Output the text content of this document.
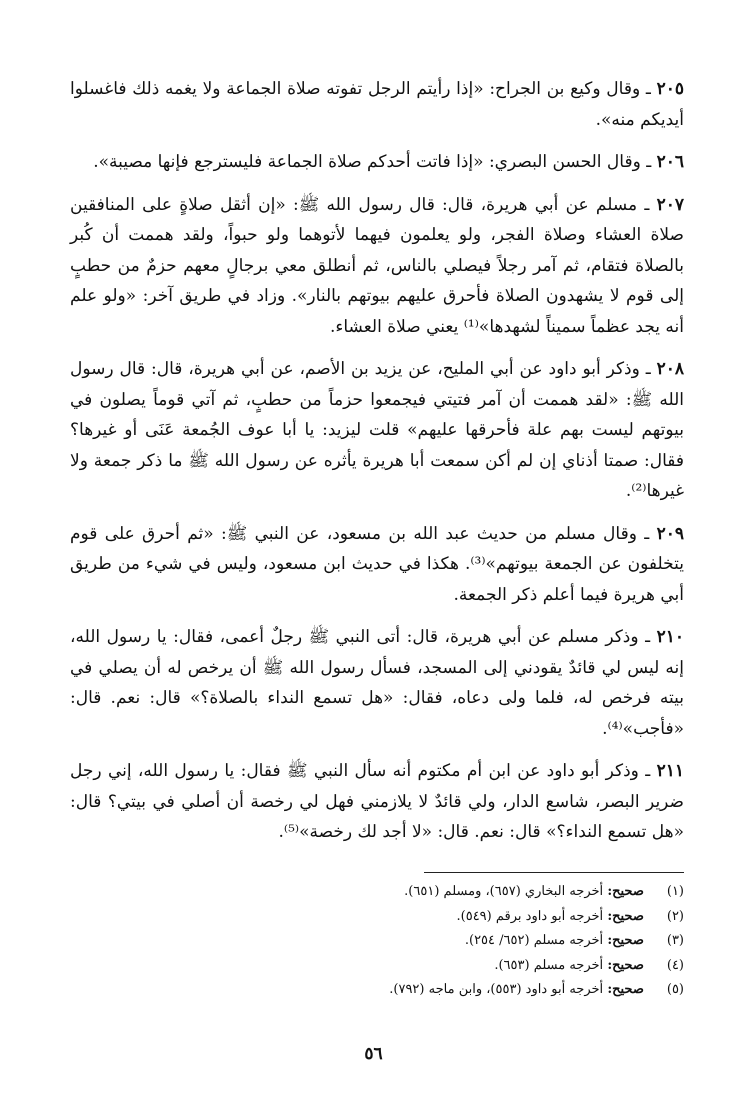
٢٠٥ ـ وقال وكيع بن الجراح: «إذا رأيتم الرجل تفوته صلاة الجماعة ولا يغمه ذلك فاغسلوا أيديكم منه».

٢٠٦ ـ وقال الحسن البصري: «إذا فاتت أحدكم صلاة الجماعة فليسترجع فإنها مصيبة».

٢٠٧ ـ مسلم عن أبي هريرة، قال: قال رسول الله ﷺ: «إن أثقل صلاةٍ على المنافقين صلاة العشاء وصلاة الفجر، ولو يعلمون فيهما لأتوهما ولو حبواً، ولقد هممت أن كُبر بالصلاة فتقام، ثم آمر رجلاً فيصلي بالناس، ثم أنطلق معي برجالٍ معهم حزمٌ من حطبٍ إلى قوم لا يشهدون الصلاة فأحرق عليهم بيوتهم بالنار». وزاد في طريق آخر: «ولو علم أنه يجد عظماً سميناً لشهدها»⁽¹⁾ يعني صلاة العشاء.

٢٠٨ ـ وذكر أبو داود عن أبي المليح، عن يزيد بن الأصم، عن أبي هريرة، قال: قال رسول الله ﷺ: «لقد هممت أن آمر فتيتي فيجمعوا حزماً من حطبٍ، ثم آتي قوماً يصلون في بيوتهم ليست بهم علة فأحرقها عليهم» قلت ليزيد: يا أبا عوف الجُمعة عَنَى أو غيرها؟ فقال: صمتا أذناي إن لم أكن سمعت أبا هريرة يأثره عن رسول الله ﷺ ما ذكر جمعة ولا غيرها⁽²⁾.

٢٠٩ ـ وقال مسلم من حديث عبد الله بن مسعود، عن النبي ﷺ: «ثم أحرق على قوم يتخلفون عن الجمعة بيوتهم»⁽³⁾. هكذا في حديث ابن مسعود، وليس في شيء من طريق أبي هريرة فيما أعلم ذكر الجمعة.

٢١٠ ـ وذكر مسلم عن أبي هريرة، قال: أتى النبي ﷺ رجلٌ أعمى، فقال: يا رسول الله، إنه ليس لي قائدٌ يقودني إلى المسجد، فسأل رسول الله ﷺ أن يرخص له أن يصلي في بيته فرخص له، فلما ولى دعاه، فقال: «هل تسمع النداء بالصلاة؟» قال: نعم. قال: «فأجب»⁽⁴⁾.

٢١١ ـ وذكر أبو داود عن ابن أم مكتوم أنه سأل النبي ﷺ فقال: يا رسول الله، إني رجل ضرير البصر، شاسع الدار، ولي قائدٌ لا يلازمني فهل لي رخصة أن أصلي في بيتي؟ قال: «هل تسمع النداء؟» قال: نعم. قال: «لا أجد لك رخصة»⁽⁵⁾.

(١) صحيح: أخرجه البخاري (٦٥٧)، ومسلم (٦٥١).
(٢) صحيح: أخرجه أبو داود برقم (٥٤٩).
(٣) صحيح: أخرجه مسلم (٦٥٢/ ٢٥٤).
(٤) صحيح: أخرجه مسلم (٦٥٣).
(٥) صحيح: أخرجه أبو داود (٥٥٣)، وابن ماجه (٧٩٢).
٥٦
